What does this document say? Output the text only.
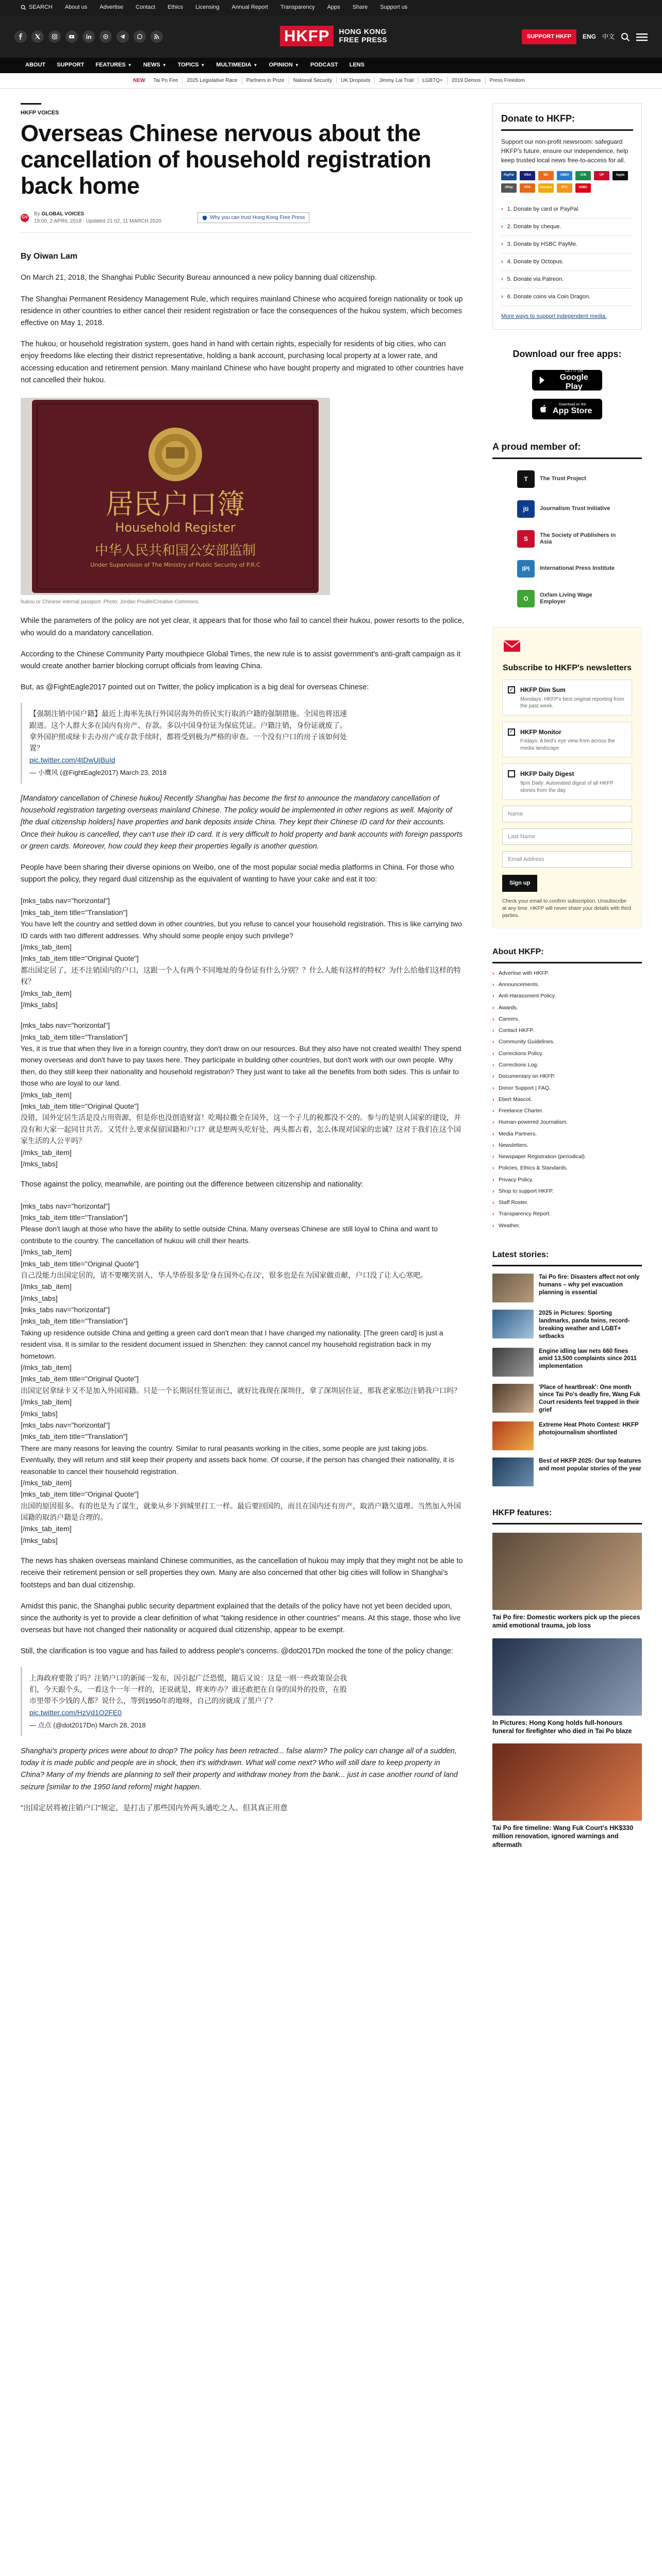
SEARCH About us Advertise Contact Ethics Licensing Annual Report Transparency Apps Share Support us
HKFP	HONG KONG
FREE PRESS	SUPPORT HKFP	ENG 中文
ABOUT SUPPORT FEATURES ▼ NEWS ▼ TOPICS ▼ MULTIMEDIA ▼ OPINION ▼ PODCAST LENS
NEW	Tai Po Fire	2025 Legislative Race	Partners in Prize	National Security	UK Dropouts	Jimmy Lai Trial	LGBTQ+	2019 Demos	Press Freedom
HKFP VOICES
Overseas Chinese nervous about the cancellation of household registration back home
GV
By GLOBAL VOICES
19:00, 2 APRIL 2018 · Updated 21:02, 11 MARCH 2020
Why you can trust Hong Kong Free Press
By Oiwan Lam

On March 21, 2018, the Shanghai Public Security Bureau announced a new policy banning dual citizenship.

The Shanghai Permanent Residency Management Rule, which requires mainland Chinese who acquired foreign nationality or took up residence in other countries to either cancel their resident registration or face the consequences of the hukou system, which becomes effective on May 1, 2018.

The hukou, or household registration system, goes hand in hand with certain rights, especially for residents of big cities, who can enjoy freedoms like electing their district representative, holding a bank account, purchasing local property at a lower rate, and accessing education and retirement pension. Many mainland Chinese who have bought property and migrated to other countries have not cancelled their hukou.

居民户口簿
Household Register
中华人民共和国公安部监制
Under Supervision of The Ministry of Public Security of P.R.C
hukou or Chinese internal passport. Photo: Jordan Pouille/Creative Commons.

While the parameters of the policy are not yet clear, it appears that for those who fail to cancel their hukou, power resorts to the police, who would do a mandatory cancellation.

According to the Chinese Community Party mouthpiece Global Times, the new rule is to assist government's anti-graft campaign as it would create another barrier blocking corrupt officials from leaving China.

But, as @FightEagle2017 pointed out on Twitter, the policy implication is a big deal for overseas Chinese:

【强制注销中国户籍】最近上海率先执行外国居海外的侨民实行取消户籍的强制措施。全国也将迅速跟进。这个人群大多在国内有房产、存款。多以中国身份证为保底凭证。户籍注销，身份证就废了。拿外国护照或绿卡去办房产或存款手续时，都将受到极为严格的审查。一个没有户口的房子该如何处置？
pic.twitter.com/4tDwUjBuId
— 小鹰风 (@FightEagle2017) March 23, 2018

[Mandatory cancellation of Chinese hukou] Recently Shanghai has become the first to announce the mandatory cancellation of household registration targeting overseas mainland Chinese. The policy would be implemented in other regions as well. Majority of [the dual citizenship holders] have properties and bank deposits inside China. They kept their Chinese ID card for their accounts. Once their hukou is cancelled, they can't use their ID card. It is very difficult to hold property and bank accounts with foreign passports or green cards. Moreover, how could they keep their properties legally is another question.

People have been sharing their diverse opinions on Weibo, one of the most popular social media platforms in China. For those who support the policy, they regard dual citizenship as the equivalent of wanting to have your cake and eat it too:

[mks_tabs nav="horizontal"]
[mks_tab_item title="Translation"]
You have left the country and settled down in other countries, but you refuse to cancel your household registration. This is like carrying two ID cards with two different addresses. Why should some people enjoy such privilege?
[/mks_tab_item]
[mks_tab_item title="Original Quote"]
都出国定居了，还不注销国内的户口，这跟一个人有两个不同地址的身份证有什么分别？？什么人能有这样的特权？为什么给他们这样的特权？
[/mks_tab_item]
[/mks_tabs]
[mks_tabs nav="horizontal"]
[mks_tab_item title="Translation"]
Yes, it is true that when they live in a foreign country, they don't draw on our resources. But they also have not created wealth! They spend money overseas and don't have to pay taxes here. They participate in building other countries, but don't work with our own people. Why then, do they still keep their nationality and household registration? They just want to take all the benefits from both sides. This is unfair to those who are loyal to our land.
[/mks_tab_item]
[mks_tab_item title="Original Quote"]
没错，国外定居生活是没占用资源，但是你也没创造财富！吃喝拉撒全在国外，这一个子儿的税都没不交的。参与的是别人国家的建设，并没有和大家一起同甘共苦。又凭什么要求保留国籍和户口？就是想两头吃好处，两头都占着，怎么体现对国家的忠诚？这对于我们在这个国家生活的人公平吗？
[/mks_tab_item]
[/mks_tabs]

Those against the policy, meanwhile, are pointing out the difference between citizenship and nationality:

[mks_tabs nav="horizontal"]
[mks_tab_item title="Translation"]
Please don't laugh at those who have the ability to settle outside China. Many overseas Chinese are still loyal to China and want to contribute to the country. The cancellation of hukou will chill their hearts.
[/mks_tab_item]
[mks_tab_item title="Original Quote"]
自己没能力出国定居的，请不要嘲笑别人，华人华侨很多是'身在国外心在汉'，很多也是在为国家做贡献，户口没了让人心寒吧。
[/mks_tab_item]
[/mks_tabs]
[mks_tabs nav="horizontal"]
[mks_tab_item title="Translation"]
Taking up residence outside China and getting a green card don't mean that I have changed my nationality. [The green card] is just a resident visa. It is similar to the resident document issued in Shenzhen: they cannot cancel my household registration back in my hometown.
[/mks_tab_item]
[mks_tab_item title="Original Quote"]
出国定居拿绿卡又不是加入外国国籍。只是一个长期居住签证而已，就好比我现在深圳住，拿了深圳居住证，那我老家那边注销我户口吗？
[/mks_tab_item]
[/mks_tabs]
[mks_tabs nav="horizontal"]
[mks_tab_item title="Translation"]
There are many reasons for leaving the country. Similar to rural peasants working in the cities, some people are just taking jobs. Eventually, they will return and still keep their property and assets back home. Of course, if the person has changed their nationality, it is reasonable to cancel their household registration.
[/mks_tab_item]
[mks_tab_item title="Original Quote"]
出国的原因很多。有的也是为了谋生，就象从乡下到城里打工一样。最后要回国的，而且在国内还有房产，取消户籍欠道理。当然加入外国国籍的取消户籍是合理的。
[/mks_tab_item]
[/mks_tabs]

The news has shaken overseas mainland Chinese communities, as the cancellation of hukou may imply that they might not be able to receive their retirement pension or sell properties they own. Many are also concerned that other big cities will follow in Shanghai's footsteps and ban dual citizenship.

Amidst this panic, the Shanghai public security department explained that the details of the policy have not yet been decided upon, since the authority is yet to provide a clear definition of what "taking residence in other countries" means. At this stage, those who live overseas but have not changed their nationality or acquired dual citizenship, appear to be exempt.

Still, the clarification is too vague and has failed to address people's concerns. @dot2017Dn mocked the tone of the policy change:

上海政府要散了吗？注销户口的新闻一发布，因引起广泛恐慌，随后又说：这是一则一些政策误会我们，今天跟个头，一看这个一年一样的，还说就是，将来咋办？谁还敢把在自身的国外的投资，在股市里带不少钱的人都？说什么，等到1950年的地呀，自己的房就成了黑户了？
pic.twitter.com/HzVd1O2FE0
— 点点 (@dot2017Dn) March 28, 2018

Shanghai's property prices were about to drop? The policy has been retracted... false alarm? The policy can change all of a sudden, today it is made public and people are in shock, then it's withdrawn. What will come next? Who will still dare to keep property in China? Many of my friends are planning to sell their property and withdraw money from the bank... just in case another round of land seizure [similar to the 1950 land reform] might happen.

"出国定居将被注销户口"规定，是打击了那些国内外两头通吃之人。但其真正用意

Donate to HKFP:
Support our non-profit newsroom: safeguard HKFP's future, ensure our independence, help keep trusted local news free-to-access for all.
PayPal	VISA	MC	AMEX	JCB	UP	Apple
GPay	FPS	Octopus	BTC	HSBC
› 1. Donate by card or PayPal.
› 2. Donate by cheque.
› 3. Donate by HSBC PayMe.
› 4. Donate by Octopus.
› 5. Donate via Patreon.
› 6. Donate coins via Coin Dragon.
More ways to support independent media.
Download our free apps:
GET IT ON
Google Play
Download on the
App Store
A proud member of:
T	The Trust Project
jti	Journalism Trust Initiative
S	The Society of Publishers in Asia
IPI	International Press Institute
O	Oxfam Living Wage Employer
Subscribe to HKFP's newsletters
✓ HKFP Dim Sum
Mondays: HKFP's best original reporting from the past week.
✓ HKFP Monitor
Fridays: A bird's eye view from across the media landscape.
HKFP Daily Digest
9pm Daily: Automated digest of all HKFP stories from the day.
Name
Last Name
Email Address
Sign up
Check your email to confirm subscription. Unsubscribe at any time. HKFP will never share your details with third parties.
About HKFP:
› Advertise with HKFP.
› Announcements.
› Anti-Harassment Policy.
› Awards.
› Careers.
› Contact HKFP.
› Community Guidelines.
› Corrections Policy.
› Corrections Log.
› Documentary on HKFP.
› Donor Support | FAQ.
› Ebert Mascot.
› Freelance Charter.
› Human-powered Journalism.
› Media Partners.
› Newsletters.
› Newspaper Registration (periodical).
› Policies, Ethics & Standards.
› Privacy Policy.
› Shop to support HKFP.
› Staff Roster.
› Transparency Report.
› Weather.
Latest stories:
Tai Po fire: Disasters affect not only humans – why pet evacuation planning is essential
2025 in Pictures: Sporting landmarks, panda twins, record-breaking weather and LGBT+ setbacks
Engine idling law nets 660 fines amid 13,500 complaints since 2011 implementation
'Place of heartbreak': One month since Tai Po's deadly fire, Wang Fuk Court residents feel trapped in their grief
Extreme Heat Photo Contest: HKFP photojournalism shortlisted
Best of HKFP 2025: Our top features and most popular stories of the year
HKFP features:
Tai Po fire: Domestic workers pick up the pieces amid emotional trauma, job loss
In Pictures: Hong Kong holds full-honours funeral for firefighter who died in Tai Po blaze
Tai Po fire timeline: Wang Fuk Court's HK$330 million renovation, ignored warnings and aftermath
